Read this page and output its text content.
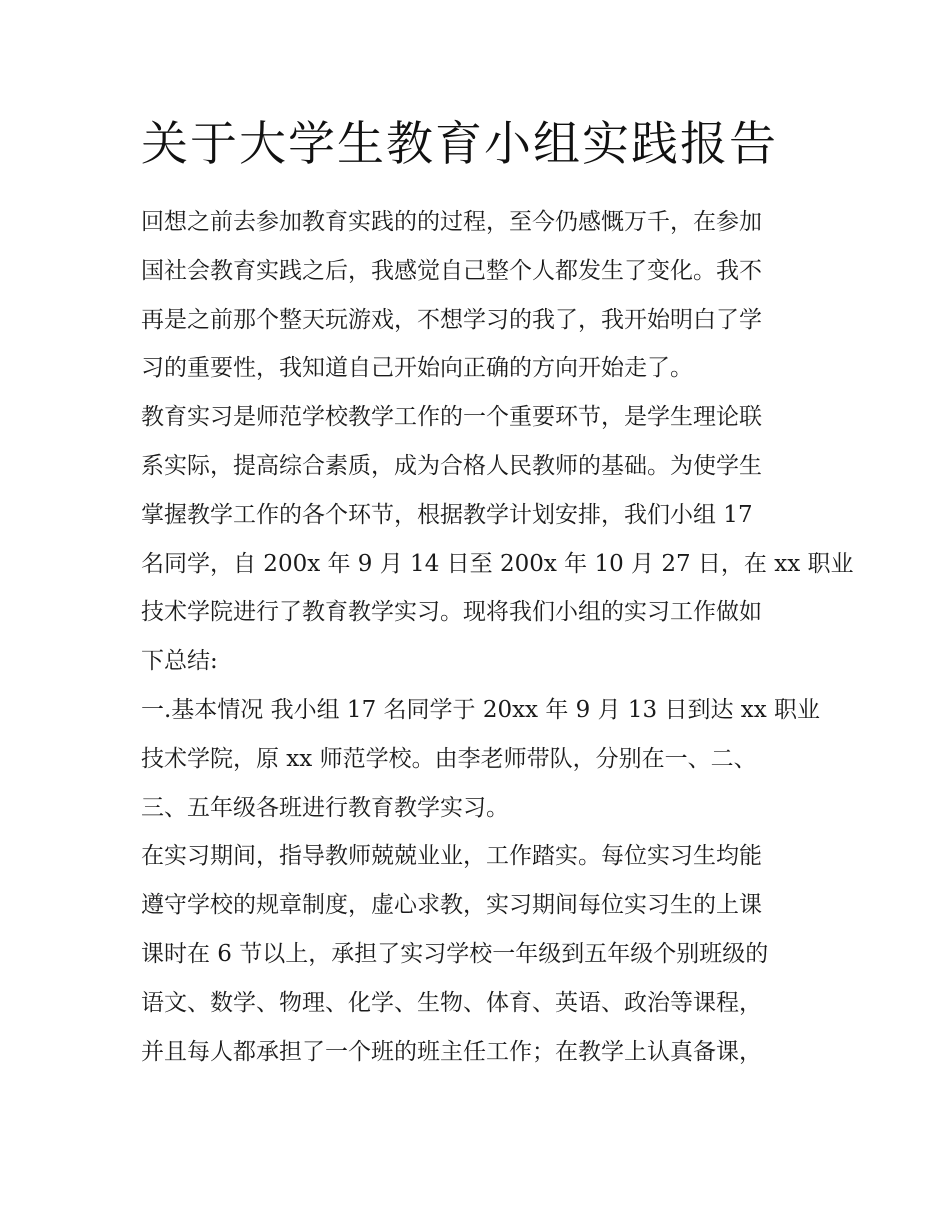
关于大学生教育小组实践报告
回想之前去参加教育实践的的过程，至今仍感慨万千，在参加
国社会教育实践之后，我感觉自己整个人都发生了变化。我不
再是之前那个整天玩游戏，不想学习的我了，我开始明白了学
习的重要性，我知道自己开始向正确的方向开始走了。
教育实习是师范学校教学工作的一个重要环节，是学生理论联
系实际，提高综合素质，成为合格人民教师的基础。为使学生
掌握教学工作的各个环节，根据教学计划安排，我们小组 17
名同学，自 200x 年 9 月 14 日至 200x 年 10 月 27 日，在 xx 职业
技术学院进行了教育教学实习。现将我们小组的实习工作做如
下总结:
一.基本情况 我小组 17 名同学于 20xx 年 9 月 13 日到达 xx 职业
技术学院，原 xx 师范学校。由李老师带队，分别在一、二、
三、五年级各班进行教育教学实习。
在实习期间，指导教师兢兢业业，工作踏实。每位实习生均能
遵守学校的规章制度，虚心求教，实习期间每位实习生的上课
课时在 6 节以上，承担了实习学校一年级到五年级个别班级的
语文、数学、物理、化学、生物、体育、英语、政治等课程，
并且每人都承担了一个班的班主任工作；在教学上认真备课，
